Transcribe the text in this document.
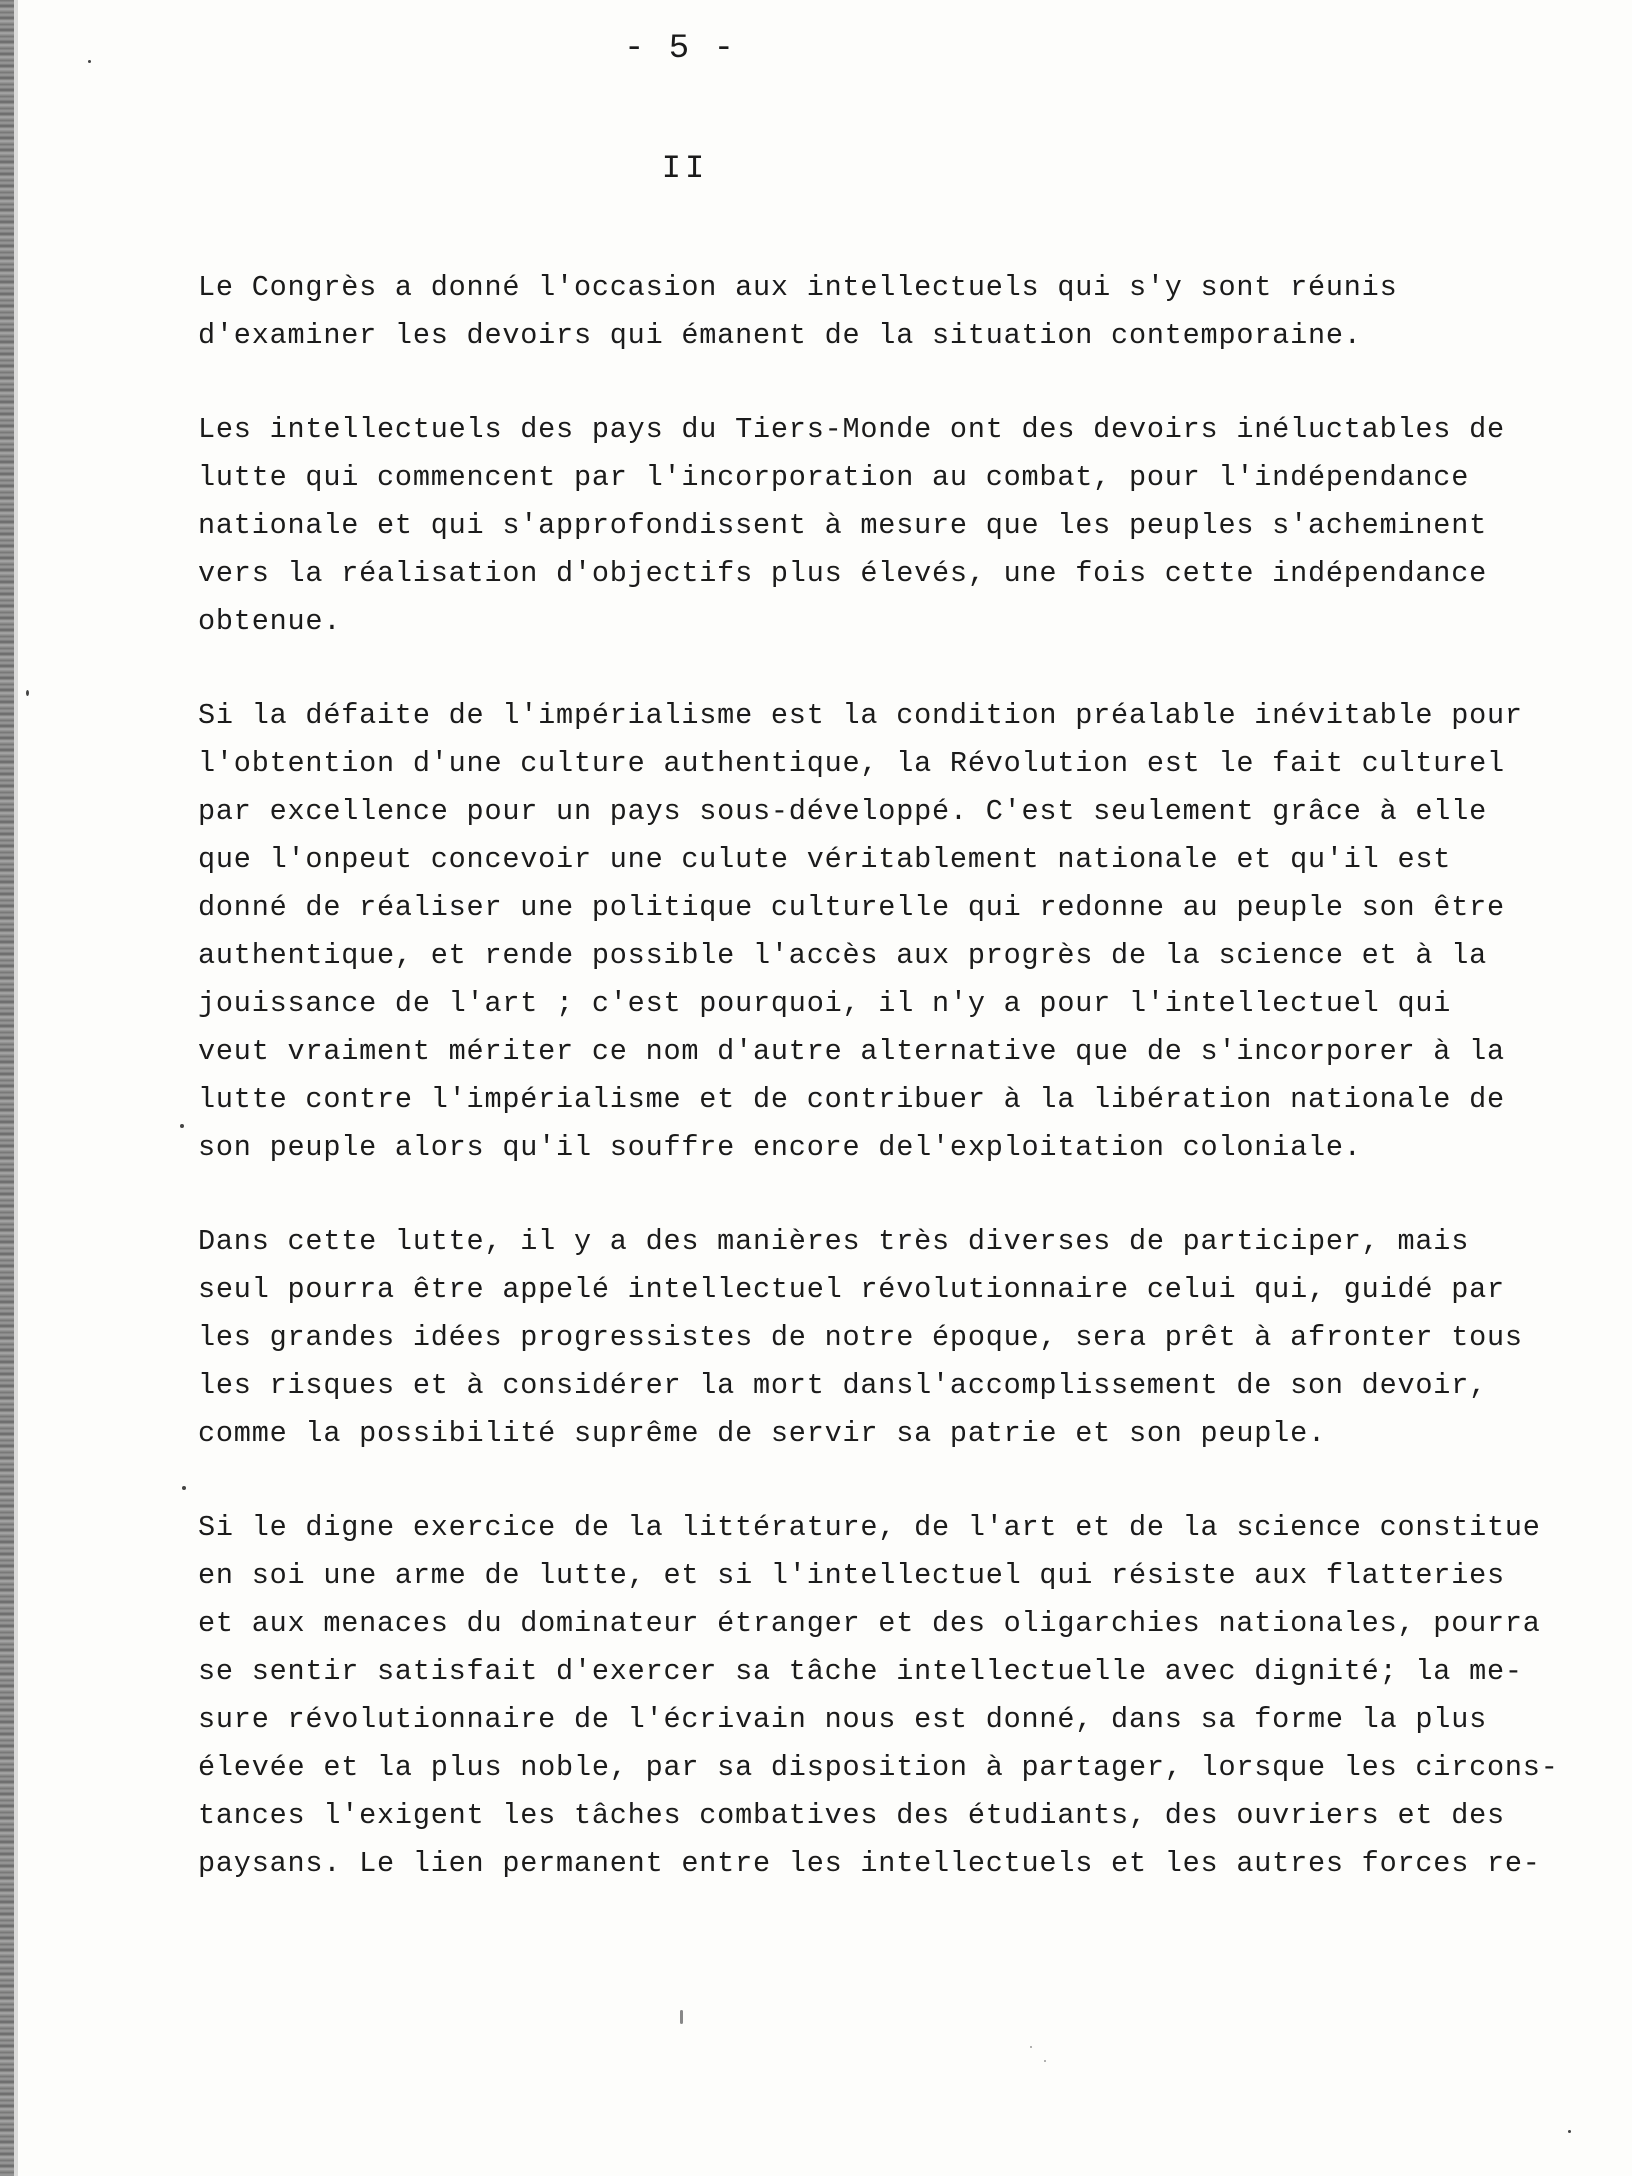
- 5 -
II
Le Congrès a donné l'occasion aux intellectuels qui s'y sont réunis
d'examiner les devoirs qui émanent de la situation contemporaine.
Les intellectuels des pays du Tiers-Monde ont des devoirs inéluctables de
lutte qui commencent par l'incorporation au combat, pour l'indépendance
nationale et qui s'approfondissent à mesure que les peuples s'acheminent
vers la réalisation d'objectifs plus élevés, une fois cette indépendance
obtenue.
Si la défaite de l'impérialisme est la condition préalable inévitable pour
l'obtention d'une culture authentique, la Révolution est le fait culturel
par excellence pour un pays sous-développé. C'est seulement grâce à elle
que l'onpeut concevoir une culute véritablement nationale et qu'il est
donné de réaliser une politique culturelle qui redonne au peuple son être
authentique, et rende possible l'accès aux progrès de la science et à la
jouissance de l'art ; c'est pourquoi, il n'y a pour l'intellectuel qui
veut vraiment mériter ce nom d'autre alternative que de s'incorporer à la
lutte contre l'impérialisme et de contribuer à la libération nationale de
son peuple alors qu'il souffre encore del'exploitation coloniale.
Dans cette lutte, il y a des manières très diverses de participer, mais
seul pourra être appelé intellectuel révolutionnaire celui qui, guidé par
les grandes idées progressistes de notre époque, sera prêt à afronter tous
les risques et à considérer la mort dansl'accomplissement de son devoir,
comme la possibilité suprême de servir sa patrie et son peuple.
Si le digne exercice de la littérature, de l'art et de la science constitue
en soi une arme de lutte, et si l'intellectuel qui résiste aux flatteries
et aux menaces du dominateur étranger et des oligarchies nationales, pourra
se sentir satisfait d'exercer sa tâche intellectuelle avec dignité; la me-
sure révolutionnaire de l'écrivain nous est donné, dans sa forme la plus
élevée et la plus noble, par sa disposition à partager, lorsque les circons-
tances l'exigent les tâches combatives des étudiants, des ouvriers et des
paysans. Le lien permanent entre les intellectuels et les autres forces re-
